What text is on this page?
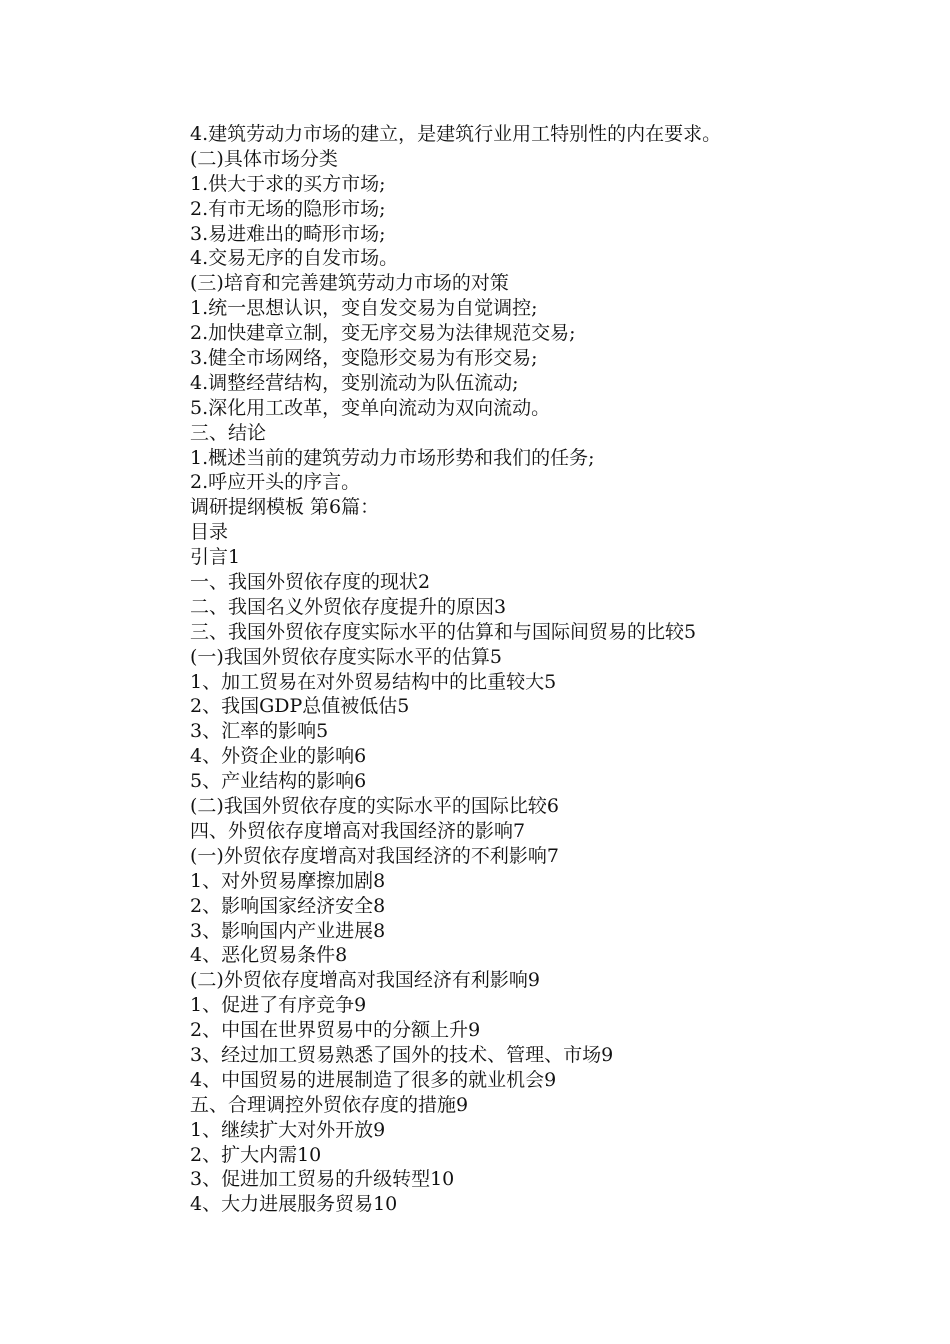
4.建筑劳动力市场的建立，是建筑行业用工特别性的内在要求。
(二)具体市场分类
1.供大于求的买方市场;
2.有市无场的隐形市场;
3.易进难出的畸形市场;
4.交易无序的自发市场。
(三)培育和完善建筑劳动力市场的对策
1.统一思想认识，变自发交易为自觉调控;
2.加快建章立制，变无序交易为法律规范交易;
3.健全市场网络，变隐形交易为有形交易;
4.调整经营结构，变别流动为队伍流动;
5.深化用工改革，变单向流动为双向流动。
三、结论
1.概述当前的建筑劳动力市场形势和我们的任务;
2.呼应开头的序言。
调研提纲模板 第6篇：
目录
引言1
一、我国外贸依存度的现状2
二、我国名义外贸依存度提升的原因3
三、我国外贸依存度实际水平的估算和与国际间贸易的比较5
(一)我国外贸依存度实际水平的估算5
1、加工贸易在对外贸易结构中的比重较大5
2、我国GDP总值被低估5
3、汇率的影响5
4、外资企业的影响6
5、产业结构的影响6
(二)我国外贸依存度的实际水平的国际比较6
四、外贸依存度增高对我国经济的影响7
(一)外贸依存度增高对我国经济的不利影响7
1、对外贸易摩擦加剧8
2、影响国家经济安全8
3、影响国内产业进展8
4、恶化贸易条件8
(二)外贸依存度增高对我国经济有利影响9
1、促进了有序竞争9
2、中国在世界贸易中的分额上升9
3、经过加工贸易熟悉了国外的技术、管理、市场9
4、中国贸易的进展制造了很多的就业机会9
五、合理调控外贸依存度的措施9
1、继续扩大对外开放9
2、扩大内需10
3、促进加工贸易的升级转型10
4、大力进展服务贸易10
